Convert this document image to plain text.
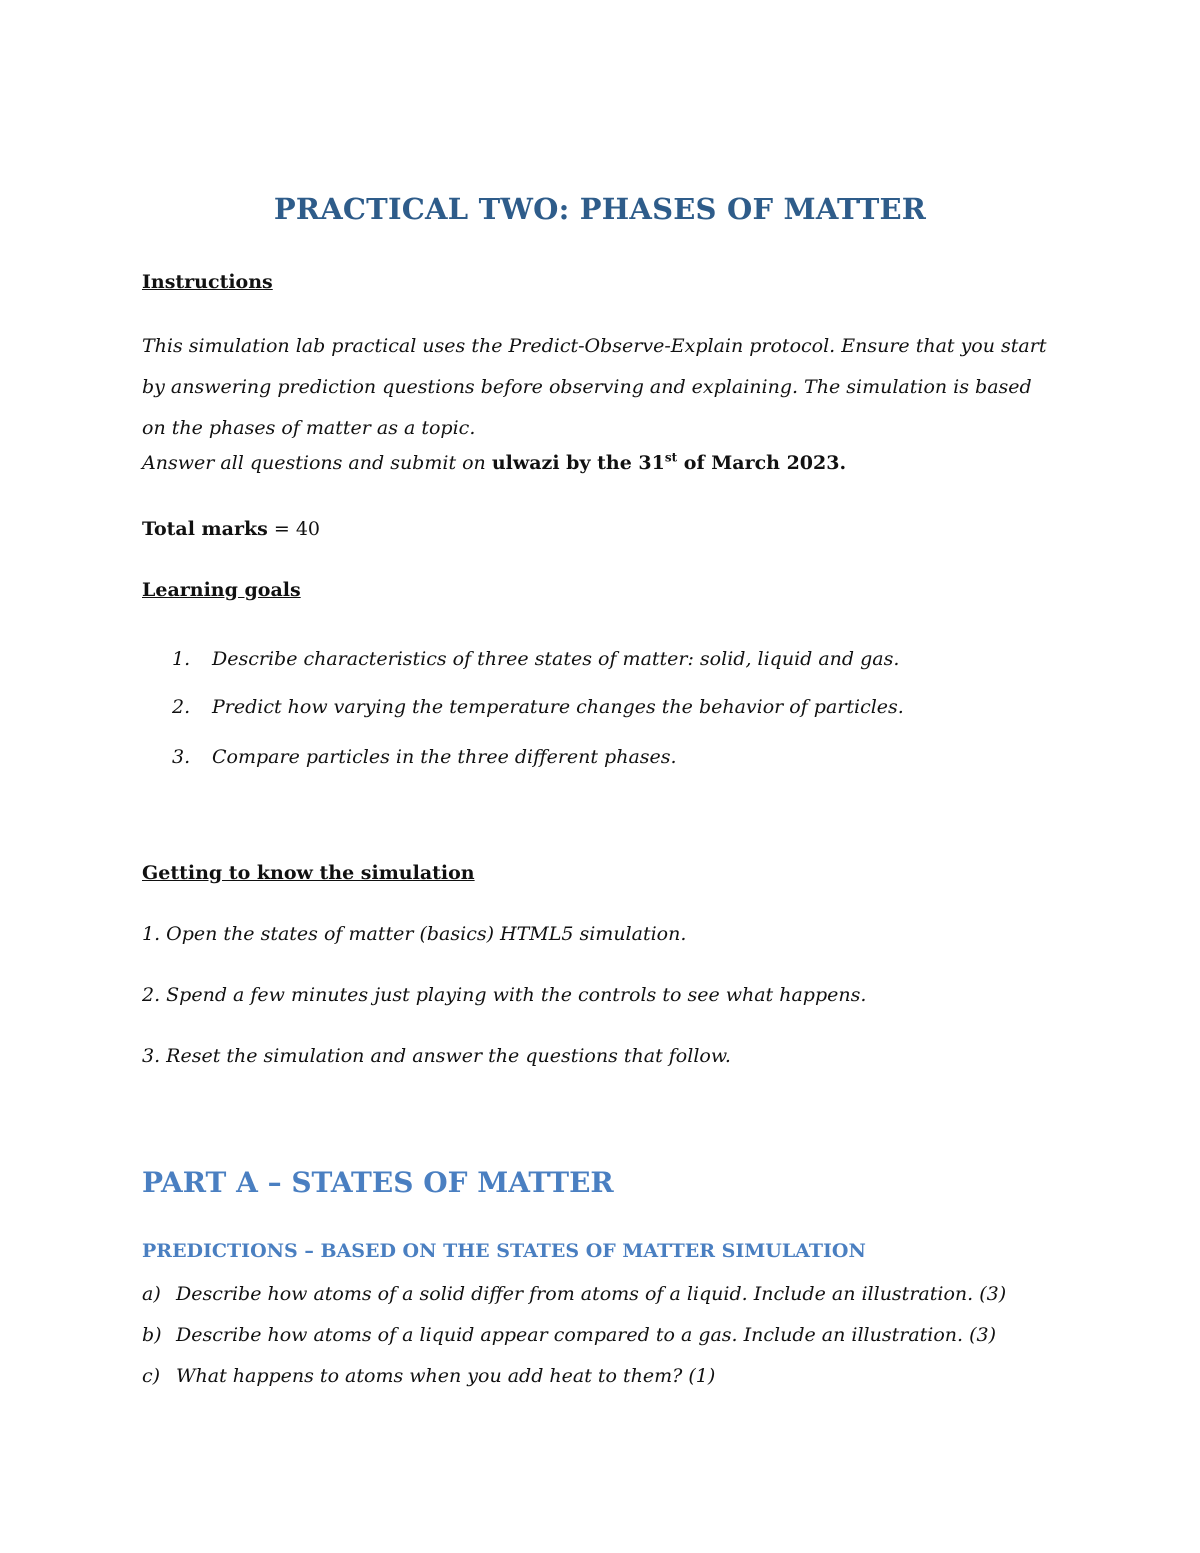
PRACTICAL TWO: PHASES OF MATTER
Instructions
This simulation lab practical uses the Predict-Observe-Explain protocol. Ensure that you start
by answering prediction questions before observing and explaining. The simulation is based
on the phases of matter as a topic.
Answer all questions and submit on ulwazi by the 31st of March 2023.
Total marks = 40
Learning goals
1. Describe characteristics of three states of matter: solid, liquid and gas.
2. Predict how varying the temperature changes the behavior of particles.
3. Compare particles in the three different phases.
Getting to know the simulation
1. Open the states of matter (basics) HTML5 simulation.
2. Spend a few minutes just playing with the controls to see what happens.
3. Reset the simulation and answer the questions that follow.
PART A – STATES OF MATTER
PREDICTIONS – BASED ON THE STATES OF MATTER SIMULATION
a) Describe how atoms of a solid differ from atoms of a liquid. Include an illustration. (3)
b) Describe how atoms of a liquid appear compared to a gas. Include an illustration. (3)
c) What happens to atoms when you add heat to them? (1)
